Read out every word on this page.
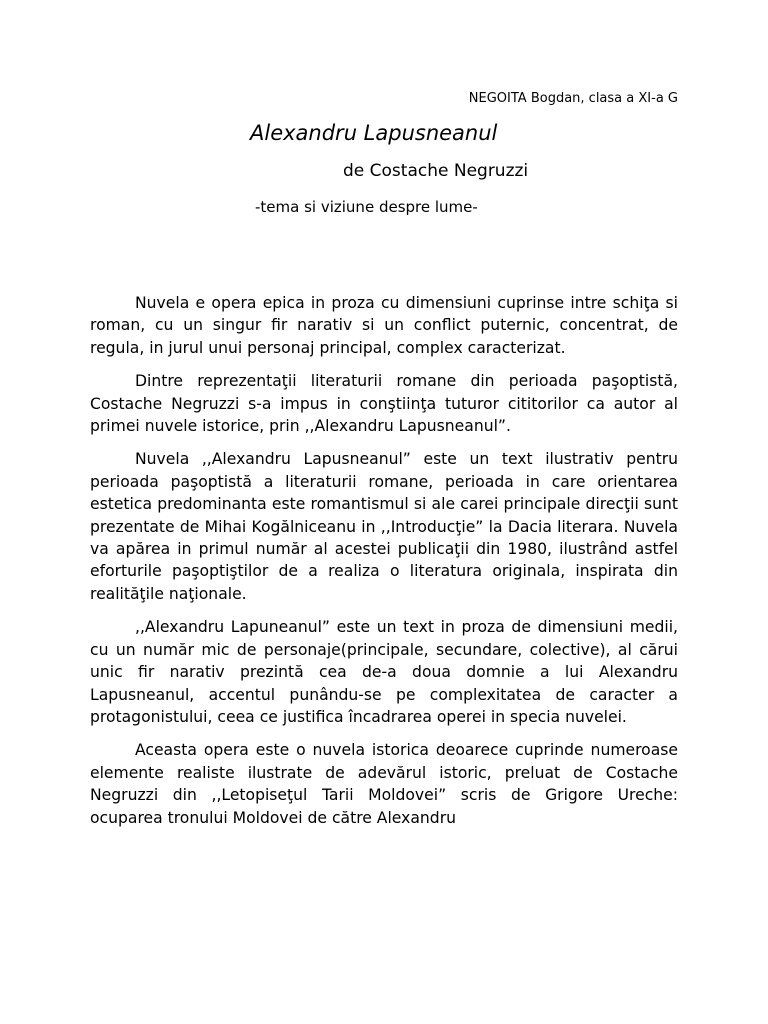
NEGOITA Bogdan, clasa a XI-a G
Alexandru Lapusneanul
de Costache Negruzzi
-tema si viziune despre lume-

Nuvela e opera epica in proza cu dimensiuni cuprinse intre schiţa si roman, cu un singur fir narativ si un conflict puternic, concentrat, de regula, in jurul unui personaj principal, complex caracterizat.

Dintre reprezentaţii literaturii romane din perioada paşoptistă, Costache Negruzzi s-a impus in conştiinţa tuturor cititorilor ca autor al primei nuvele istorice, prin ,,Alexandru Lapusneanul”.

Nuvela ,,Alexandru Lapusneanul” este un text ilustrativ pentru perioada paşoptistă a literaturii romane, perioada in care orientarea estetica predominanta este romantismul si ale carei principale direcţii sunt prezentate de Mihai Kogălniceanu in ,,Introducţie” la Dacia literara. Nuvela va apărea in primul număr al acestei publicaţii din 1980, ilustrând astfel eforturile paşoptiştilor de a realiza o literatura originala, inspirata din realităţile naţionale.

,,Alexandru Lapuneanul” este un text in proza de dimensiuni medii, cu un număr mic de personaje(principale, secundare, colective), al cărui unic fir narativ prezintă cea de-a doua domnie a lui Alexandru Lapusneanul, accentul punându-se pe complexitatea de caracter a protagonistului, ceea ce justifica încadrarea operei in specia nuvelei.

Aceasta opera este o nuvela istorica deoarece cuprinde numeroase elemente realiste ilustrate de adevărul istoric, preluat de Costache Negruzzi din ,,Letopiseţul Tarii Moldovei” scris de Grigore Ureche: ocuparea tronului Moldovei de către Alexandru
